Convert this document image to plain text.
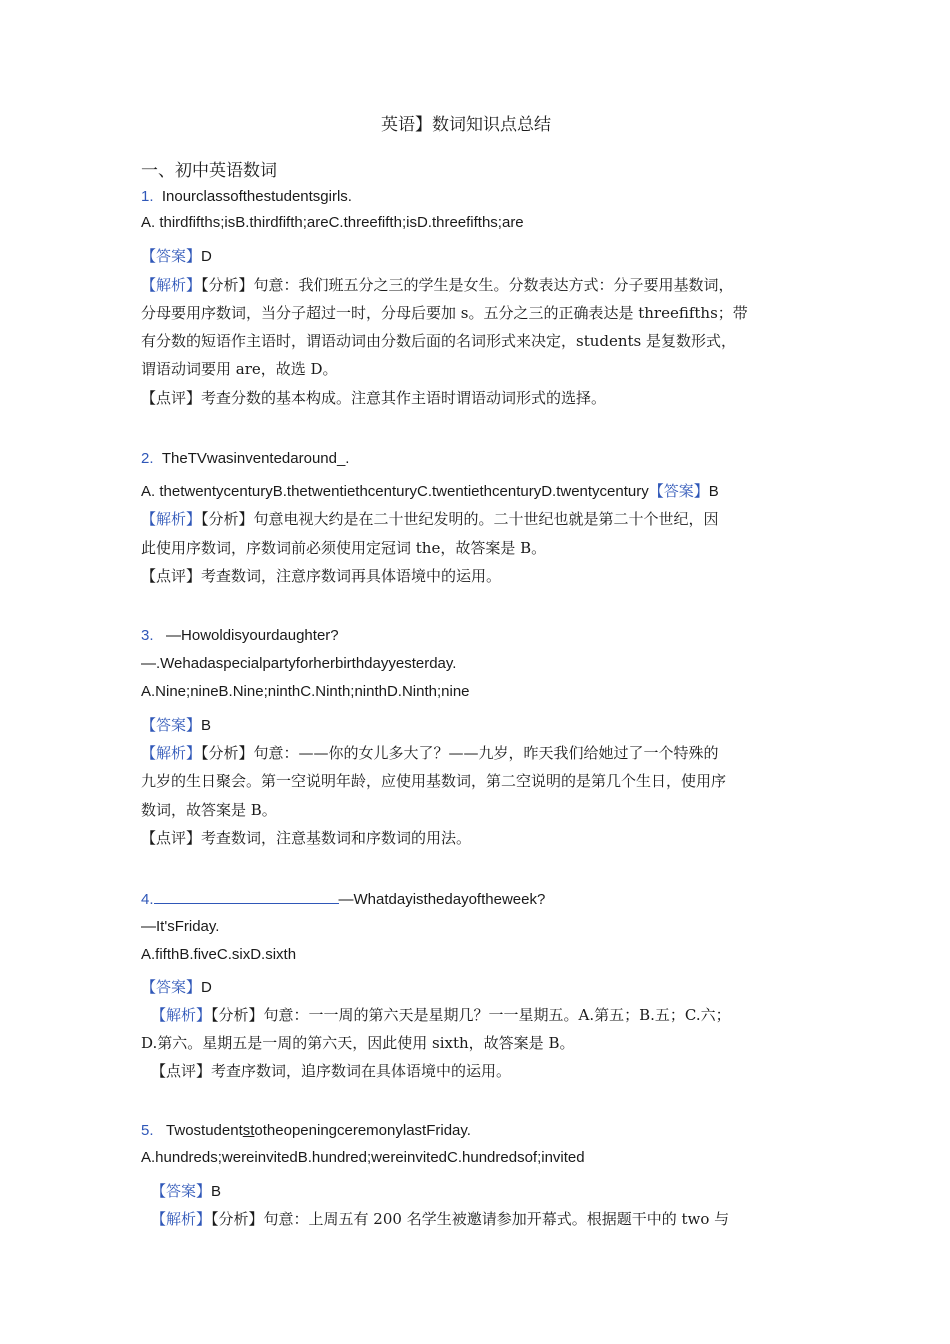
英语】数词知识点总结
一、初中英语数词
1. Inourclassofthestudentsgirls.
A. thirdfifths;isB.thirdfifth;areC.threefifth;isD.threefifths;are
【答案】D
【解析】【分析】句意：我们班五分之三的学生是女生。分数表达方式：分子要用基数词，
分母要用序数词，当分子超过一时，分母后要加 s。五分之三的正确表达是 threefifths；带
有分数的短语作主语时，谓语动词由分数后面的名词形式来决定，students 是复数形式，
谓语动词要用 are，故选 D。
【点评】考查分数的基本构成。注意其作主语时谓语动词形式的选择。
2. TheTVwasinventedaround_.
A. thetwentycenturyB.thetwentiethcenturyC.twentiethcenturyD.twentycentury【答案】B
【解析】【分析】句意电视大约是在二十世纪发明的。二十世纪也就是第二十个世纪，因
此使用序数词，序数词前必须使用定冠词 the，故答案是 B。
【点评】考查数词，注意序数词再具体语境中的运用。
3. —Howoldisyourdaughter?
—.Wehadaspecialpartyforherbirthdayyesterday.
A.Nine;nineB.Nine;ninthC.Ninth;ninthD.Ninth;nine
【答案】B
【解析】【分析】句意：——你的女儿多大了？——九岁，昨天我们给她过了一个特殊的
九岁的生日聚会。第一空说明年龄，应使用基数词，第二空说明的是第几个生日，使用序
数词，故答案是 B。
【点评】考查数词，注意基数词和序数词的用法。
4.	—Whatdayisthedayoftheweek?
—It'sFriday.
A.fifthB.fiveC.sixD.sixth
【答案】D
【解析】【分析】句意：一一周的第六天是星期几？一一星期五。A.第五；B.五；C.六；
D.第六。星期五是一周的第六天，因此使用 sixth，故答案是 B。
【点评】考查序数词，追序数词在具体语境中的运用。
5. TwostudentstotheopeningceremonylastFriday.
A.hundreds;wereinvitedB.hundred;wereinvitedC.hundredsof;invited
【答案】B
【解析】【分析】句意：上周五有 200 名学生被邀请参加开幕式。根据题干中的 two 与
